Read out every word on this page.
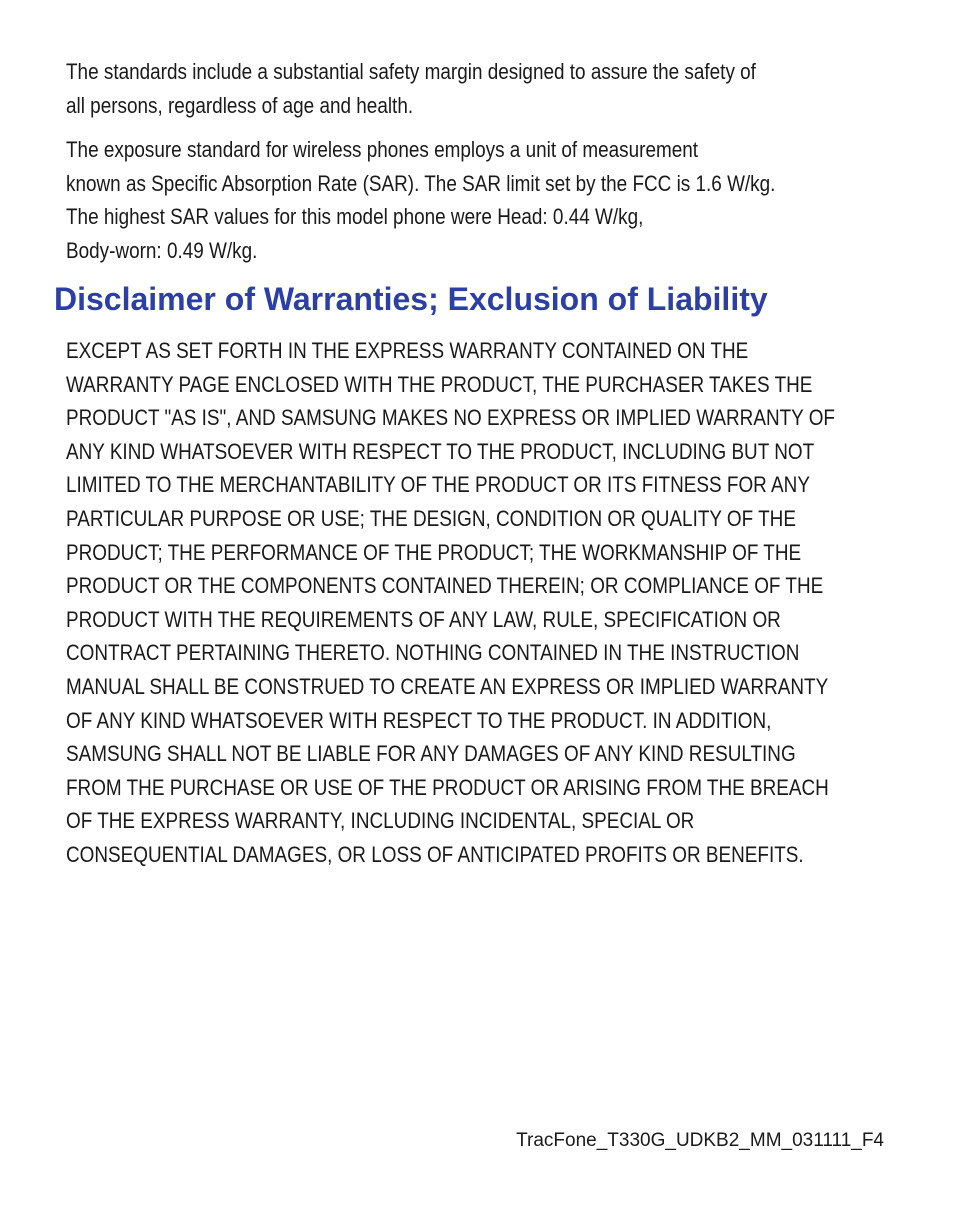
The standards include a substantial safety margin designed to assure the safety of
all persons, regardless of age and health.
The exposure standard for wireless phones employs a unit of measurement
known as Specific Absorption Rate (SAR). The SAR limit set by the FCC is 1.6 W/kg.
The highest SAR values for this model phone were Head: 0.44 W/kg,
Body-worn: 0.49 W/kg.
Disclaimer of Warranties; Exclusion of Liability
EXCEPT AS SET FORTH IN THE EXPRESS WARRANTY CONTAINED ON THE
WARRANTY PAGE ENCLOSED WITH THE PRODUCT, THE PURCHASER TAKES THE
PRODUCT "AS IS", AND SAMSUNG MAKES NO EXPRESS OR IMPLIED WARRANTY OF
ANY KIND WHATSOEVER WITH RESPECT TO THE PRODUCT, INCLUDING BUT NOT
LIMITED TO THE MERCHANTABILITY OF THE PRODUCT OR ITS FITNESS FOR ANY
PARTICULAR PURPOSE OR USE; THE DESIGN, CONDITION OR QUALITY OF THE
PRODUCT; THE PERFORMANCE OF THE PRODUCT; THE WORKMANSHIP OF THE
PRODUCT OR THE COMPONENTS CONTAINED THEREIN; OR COMPLIANCE OF THE
PRODUCT WITH THE REQUIREMENTS OF ANY LAW, RULE, SPECIFICATION OR
CONTRACT PERTAINING THERETO. NOTHING CONTAINED IN THE INSTRUCTION
MANUAL SHALL BE CONSTRUED TO CREATE AN EXPRESS OR IMPLIED WARRANTY
OF ANY KIND WHATSOEVER WITH RESPECT TO THE PRODUCT. IN ADDITION,
SAMSUNG SHALL NOT BE LIABLE FOR ANY DAMAGES OF ANY KIND RESULTING
FROM THE PURCHASE OR USE OF THE PRODUCT OR ARISING FROM THE BREACH
OF THE EXPRESS WARRANTY, INCLUDING INCIDENTAL, SPECIAL OR
CONSEQUENTIAL DAMAGES, OR LOSS OF ANTICIPATED PROFITS OR BENEFITS.
TracFone_T330G_UDKB2_MM_031111_F4
